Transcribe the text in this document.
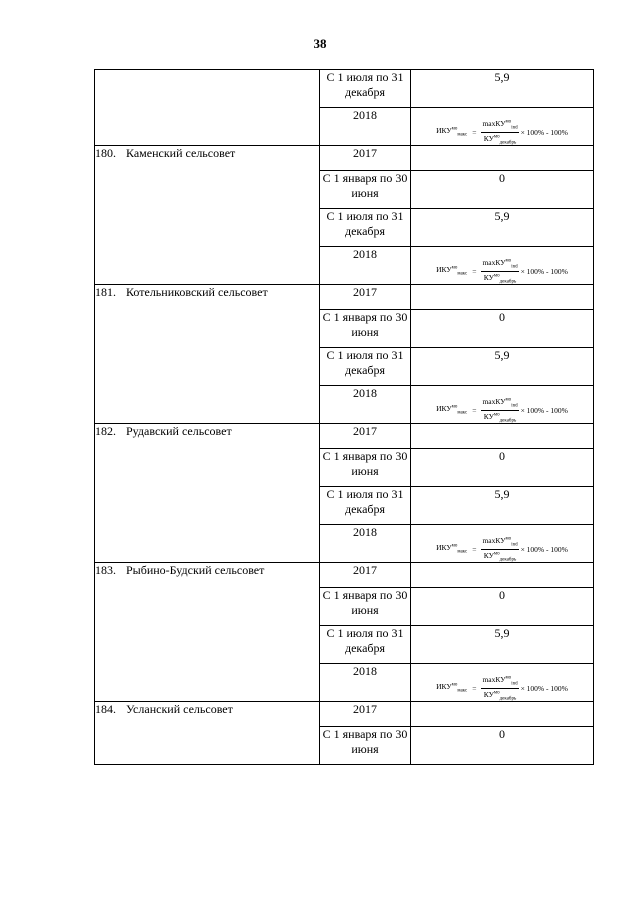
38
	С 1 июля по 31 декабря	5,9
	2018	$ИКУ^{мо}_{макс} = \frac{\max КУ^{мо}_{ind}}{КУ^{мо}_{декабрь}} \times 100\% - 100\%$

180. Каменский сельсовет	2017	
	С 1 января по 30 июня	0
	С 1 июля по 31 декабря	5,9
	2018	$ИКУ^{мо}_{макс} = \frac{\max КУ^{мо}_{ind}}{КУ^{мо}_{декабрь}} \times 100\% - 100\%$

181. Котельниковский сельсовет	2017	
	С 1 января по 30 июня	0
	С 1 июля по 31 декабря	5,9
	2018	$ИКУ^{мо}_{макс} = \frac{\max КУ^{мо}_{ind}}{КУ^{мо}_{декабрь}} \times 100\% - 100\%$

182. Рудавский сельсовет	2017	
	С 1 января по 30 июня	0
	С 1 июля по 31 декабря	5,9
	2018	$ИКУ^{мо}_{макс} = \frac{\max КУ^{мо}_{ind}}{КУ^{мо}_{декабрь}} \times 100\% - 100\%$

183. Рыбино-Будский сельсовет	2017	
	С 1 января по 30 июня	0
	С 1 июля по 31 декабря	5,9
	2018	$ИКУ^{мо}_{макс} = \frac{\max КУ^{мо}_{ind}}{КУ^{мо}_{декабрь}} \times 100\% - 100\%$

184. Усланский сельсовет	2017	
	С 1 января по 30 июня	0
